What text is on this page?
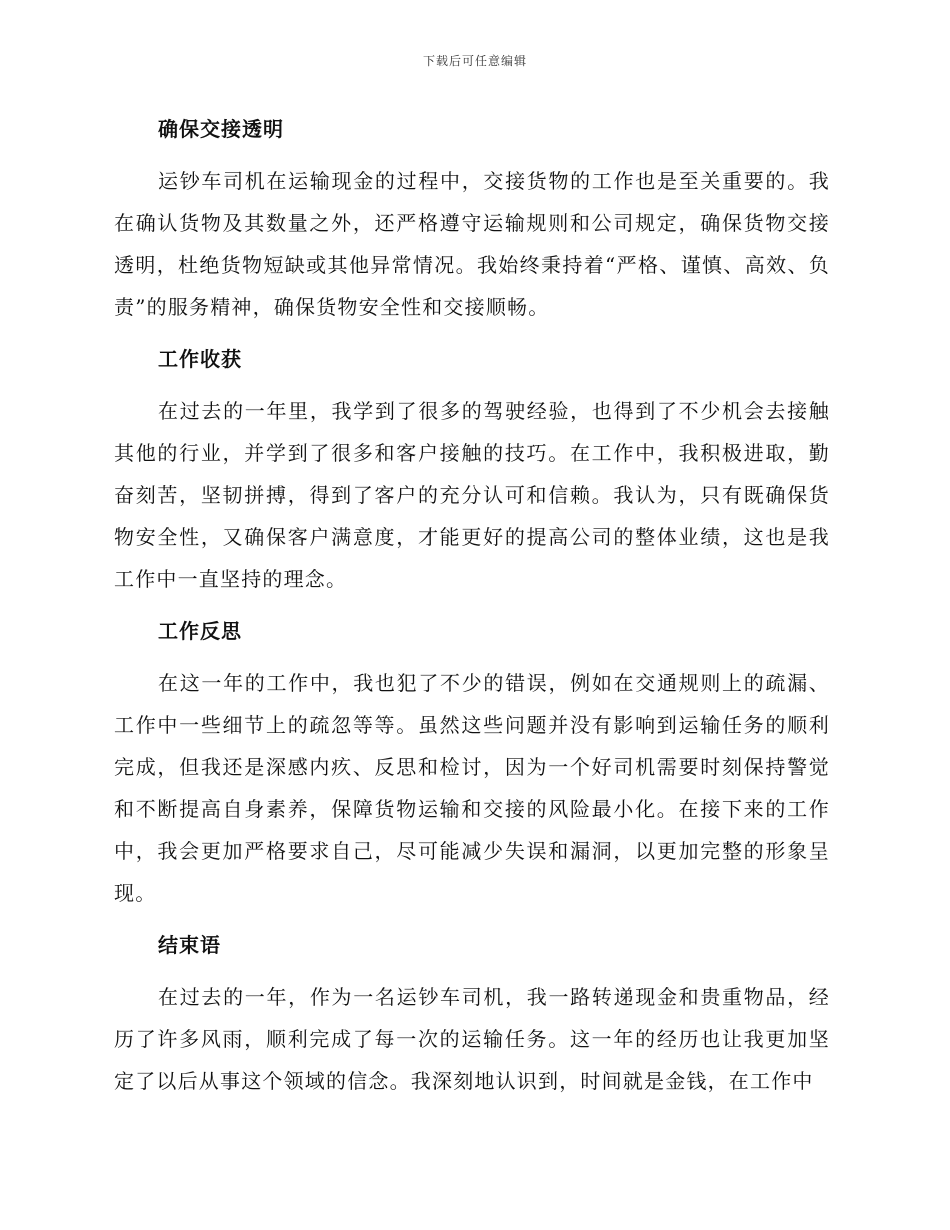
下载后可任意编辑
确保交接透明

运钞车司机在运输现金的过程中，交接货物的工作也是至关重要的。我在确认货物及其数量之外，还严格遵守运输规则和公司规定，确保货物交接透明，杜绝货物短缺或其他异常情况。我始终秉持着“严格、谨慎、高效、负责”的服务精神，确保货物安全性和交接顺畅。

工作收获

在过去的一年里，我学到了很多的驾驶经验，也得到了不少机会去接触其他的行业，并学到了很多和客户接触的技巧。在工作中，我积极进取，勤奋刻苦，坚韧拼搏，得到了客户的充分认可和信赖。我认为，只有既确保货物安全性，又确保客户满意度，才能更好的提高公司的整体业绩，这也是我工作中一直坚持的理念。

工作反思

在这一年的工作中，我也犯了不少的错误，例如在交通规则上的疏漏、工作中一些细节上的疏忽等等。虽然这些问题并没有影响到运输任务的顺利完成，但我还是深感内疚、反思和检讨，因为一个好司机需要时刻保持警觉和不断提高自身素养，保障货物运输和交接的风险最小化。在接下来的工作中，我会更加严格要求自己，尽可能减少失误和漏洞，以更加完整的形象呈现。

结束语

在过去的一年，作为一名运钞车司机，我一路转递现金和贵重物品，经历了许多风雨，顺利完成了每一次的运输任务。这一年的经历也让我更加坚定了以后从事这个领域的信念。我深刻地认识到，时间就是金钱，在工作中
